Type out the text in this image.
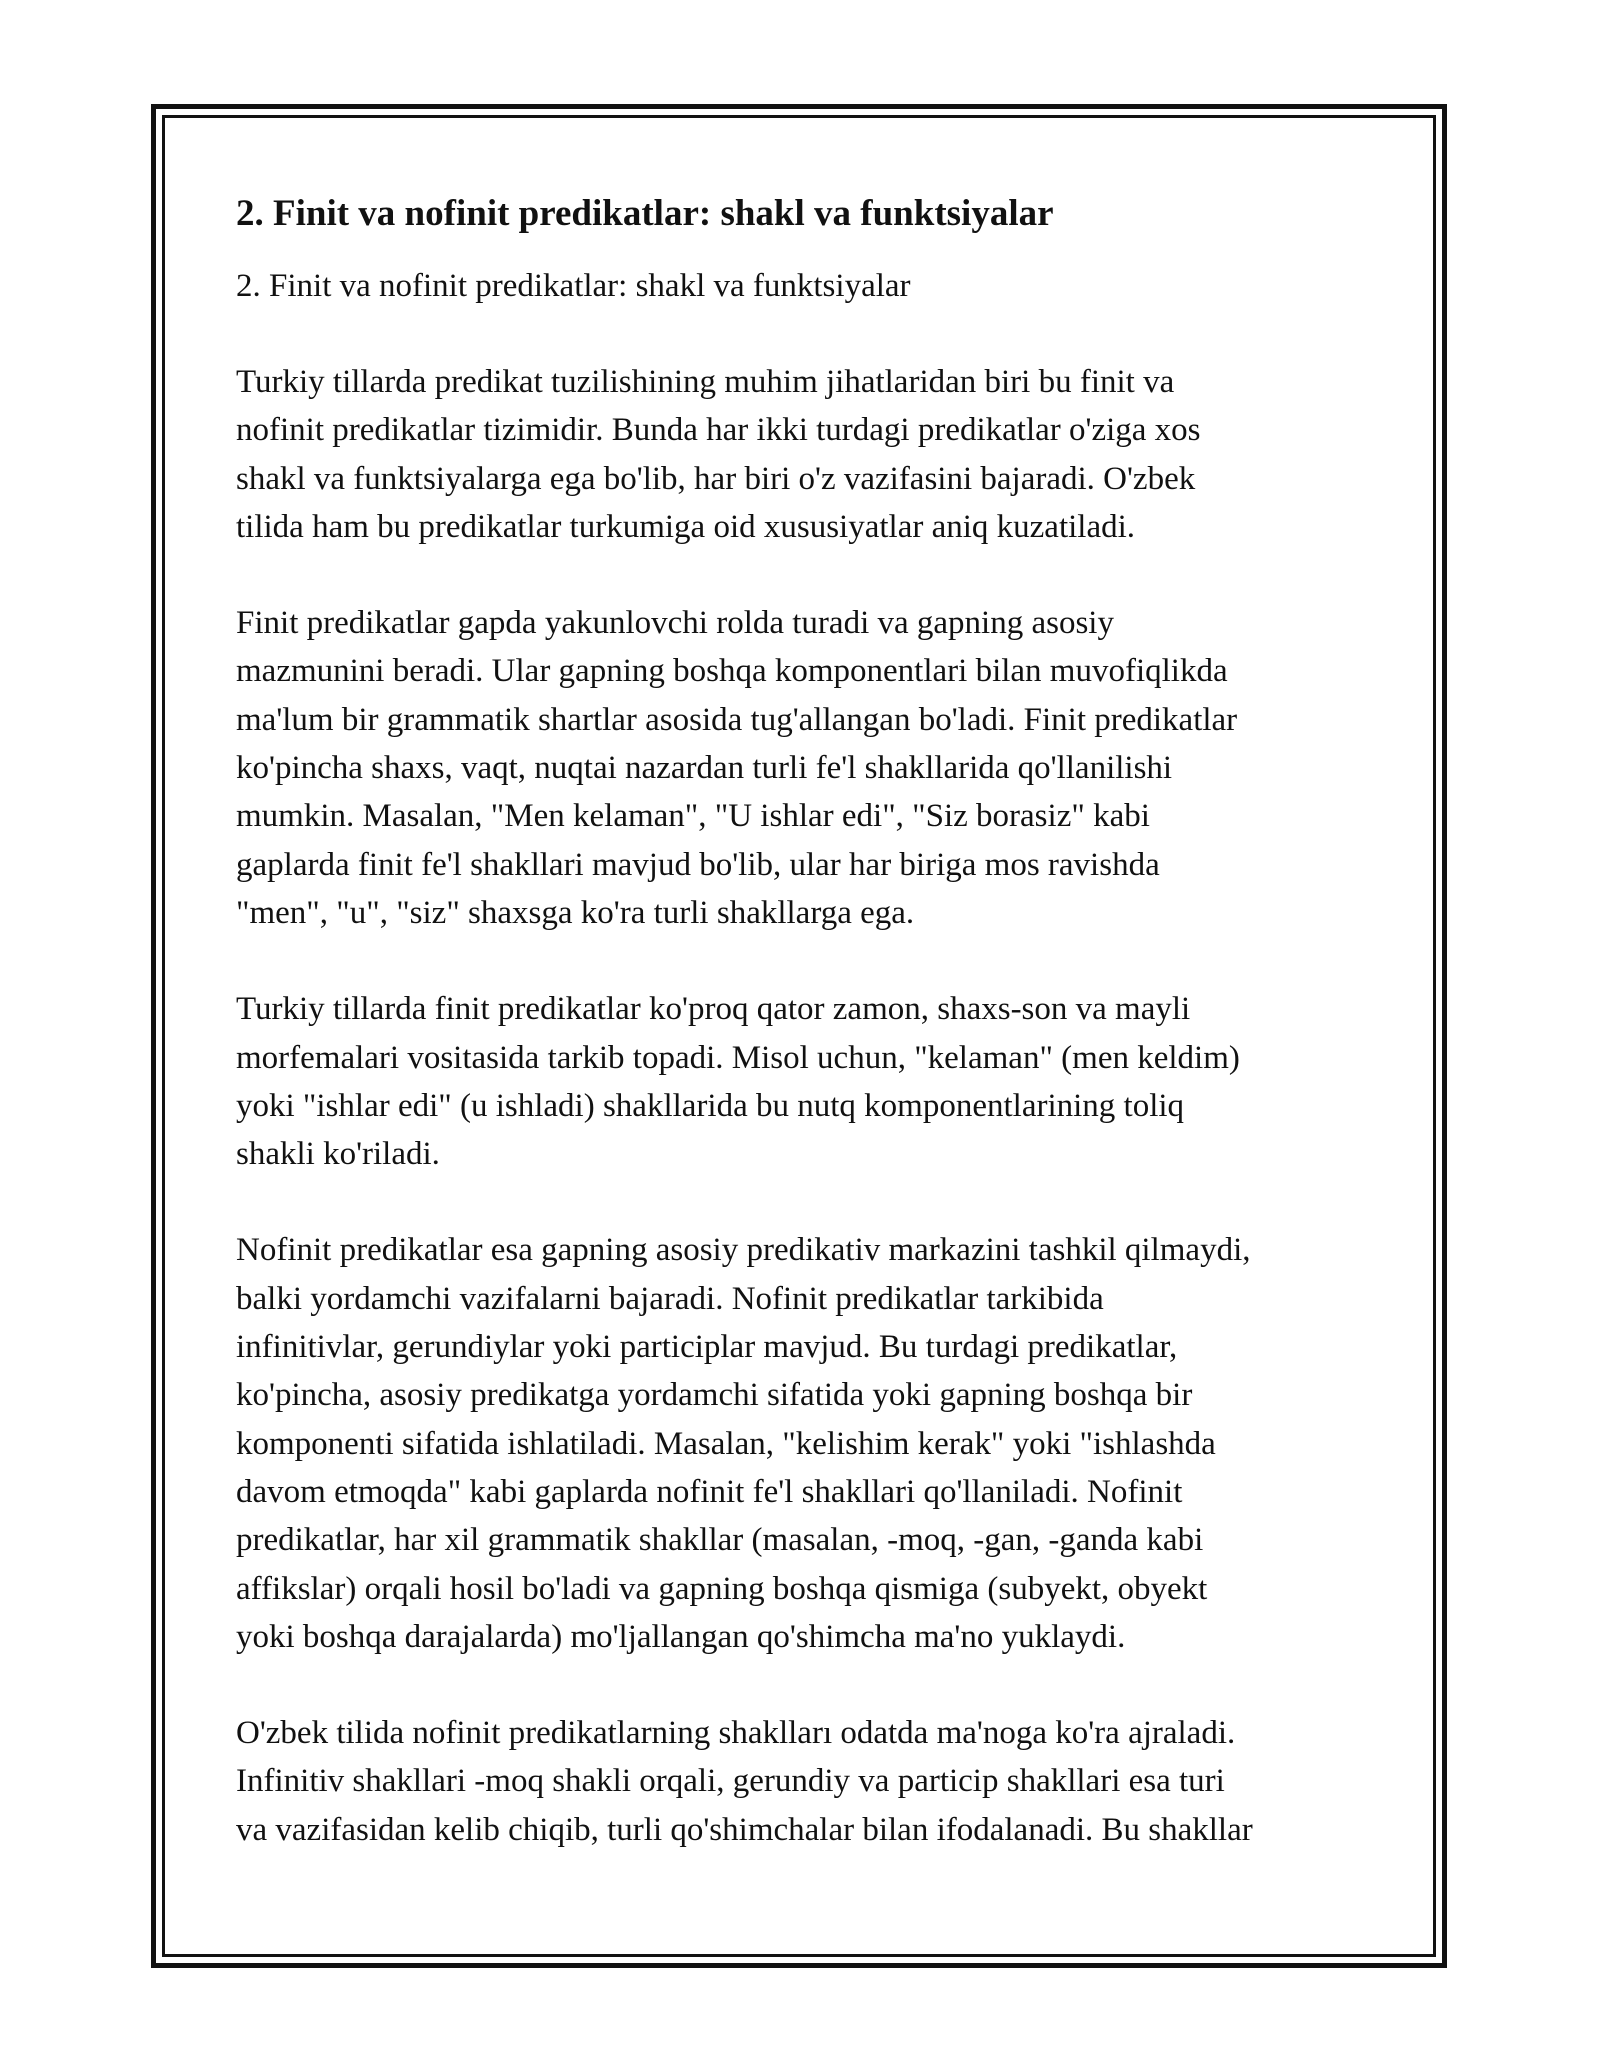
2. Finit va nofinit predikatlar: shakl va funktsiyalar
2. Finit va nofinit predikatlar: shakl va funktsiyalar

Turkiy tillarda predikat tuzilishining muhim jihatlaridan biri bu finit va
nofinit predikatlar tizimidir. Bunda har ikki turdagi predikatlar o'ziga xos
shakl va funktsiyalarga ega bo'lib, har biri o'z vazifasini bajaradi. O'zbek
tilida ham bu predikatlar turkumiga oid xususiyatlar aniq kuzatiladi.

Finit predikatlar gapda yakunlovchi rolda turadi va gapning asosiy
mazmunini beradi. Ular gapning boshqa komponentlari bilan muvofiqlikda
ma'lum bir grammatik shartlar asosida tug'allangan bo'ladi. Finit predikatlar
ko'pincha shaxs, vaqt, nuqtai nazardan turli fe'l shakllarida qo'llanilishi
mumkin. Masalan, "Men kelaman", "U ishlar edi", "Siz borasiz" kabi
gaplarda finit fe'l shakllari mavjud bo'lib, ular har biriga mos ravishda
"men", "u", "siz" shaxsga ko'ra turli shakllarga ega.

Turkiy tillarda finit predikatlar ko'proq qator zamon, shaxs-son va mayli
morfemalari vositasida tarkib topadi. Misol uchun, "kelaman" (men keldim)
yoki "ishlar edi" (u ishladi) shakllarida bu nutq komponentlarining toliq
shakli ko'riladi.

Nofinit predikatlar esa gapning asosiy predikativ markazini tashkil qilmaydi,
balki yordamchi vazifalarni bajaradi. Nofinit predikatlar tarkibida
infinitivlar, gerundiylar yoki participlar mavjud. Bu turdagi predikatlar,
ko'pincha, asosiy predikatga yordamchi sifatida yoki gapning boshqa bir
komponenti sifatida ishlatiladi. Masalan, "kelishim kerak" yoki "ishlashda
davom etmoqda" kabi gaplarda nofinit fe'l shakllari qo'llaniladi. Nofinit
predikatlar, har xil grammatik shakllar (masalan, -moq, -gan, -ganda kabi
affikslar) orqali hosil bo'ladi va gapning boshqa qismiga (subyekt, obyekt
yoki boshqa darajalarda) mo'ljallangan qo'shimcha ma'no yuklaydi.

O'zbek tilida nofinit predikatlarning shaklları odatda ma'noga ko'ra ajraladi.
Infinitiv shakllari -moq shakli orqali, gerundiy va particip shakllari esa turi
va vazifasidan kelib chiqib, turli qo'shimchalar bilan ifodalanadi. Bu shakllar
